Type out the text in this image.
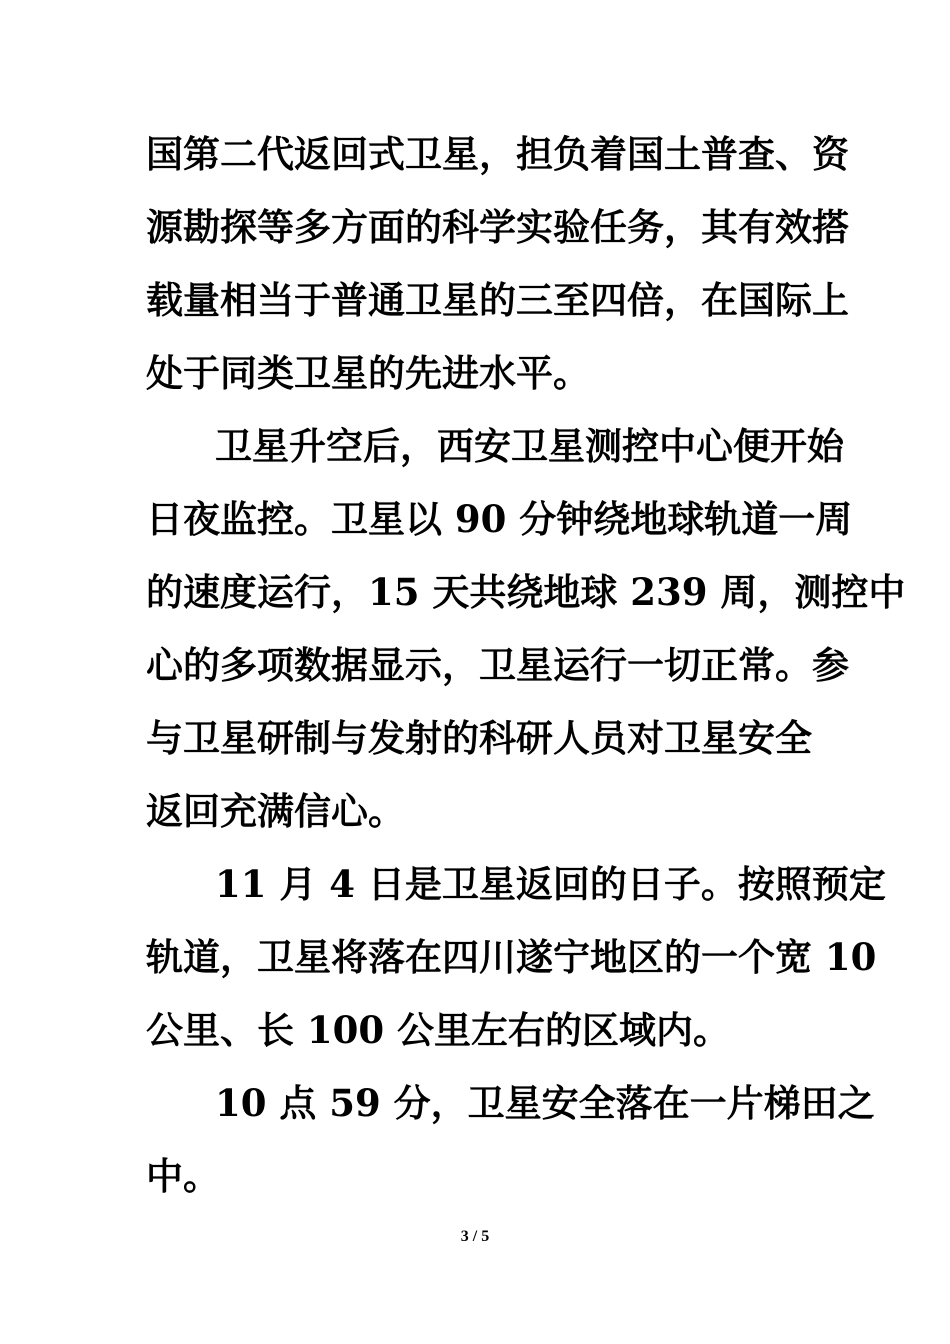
国第二代返回式卫星，担负着国土普查、资
源勘探等多方面的科学实验任务，其有效搭
载量相当于普通卫星的三至四倍，在国际上
处于同类卫星的先进水平。
卫星升空后，西安卫星测控中心便开始
日夜监控。卫星以 90 分钟绕地球轨道一周
的速度运行，15 天共绕地球 239 周，测控中
心的多项数据显示，卫星运行一切正常。参
与卫星研制与发射的科研人员对卫星安全
返回充满信心。
11 月 4 日是卫星返回的日子。按照预定
轨道，卫星将落在四川遂宁地区的一个宽 10
公里、长 100 公里左右的区域内。
10 点 59 分，卫星安全落在一片梯田之
中。
3 / 5
